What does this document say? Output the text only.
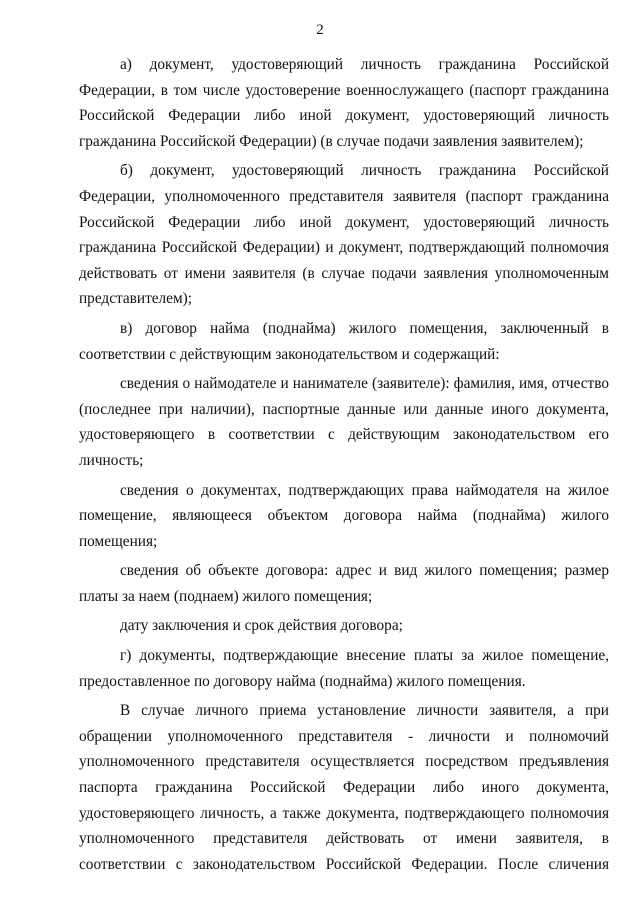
2

а) документ, удостоверяющий личность гражданина Российской Федерации, в том числе удостоверение военнослужащего (паспорт гражданина Российской Федерации либо иной документ, удостоверяющий личность гражданина Российской Федерации) (в случае подачи заявления заявителем);

б) документ, удостоверяющий личность гражданина Российской Федерации, уполномоченного представителя заявителя (паспорт гражданина Российской Федерации либо иной документ, удостоверяющий личность гражданина Российской Федерации) и документ, подтверждающий полномочия действовать от имени заявителя (в случае подачи заявления уполномоченным представителем);

в) договор найма (поднайма) жилого помещения, заключенный в соответствии с действующим законодательством и содержащий:

сведения о наймодателе и нанимателе (заявителе): фамилия, имя, отчество (последнее при наличии), паспортные данные или данные иного документа, удостоверяющего в соответствии с действующим законодательством его личность;

сведения о документах, подтверждающих права наймодателя на жилое помещение, являющееся объектом договора найма (поднайма) жилого помещения;

сведения об объекте договора: адрес и вид жилого помещения; размер платы за наем (поднаем) жилого помещения;

дату заключения и срок действия договора;

г) документы, подтверждающие внесение платы за жилое помещение, предоставленное по договору найма (поднайма) жилого помещения.

В случае личного приема установление личности заявителя, а при обращении уполномоченного представителя - личности и полномочий уполномоченного представителя осуществляется посредством предъявления паспорта гражданина Российской Федерации либо иного документа, удостоверяющего личность, а также документа, подтверждающего полномочия уполномоченного представителя действовать от имени заявителя, в соответствии с законодательством Российской Федерации. После сличения
